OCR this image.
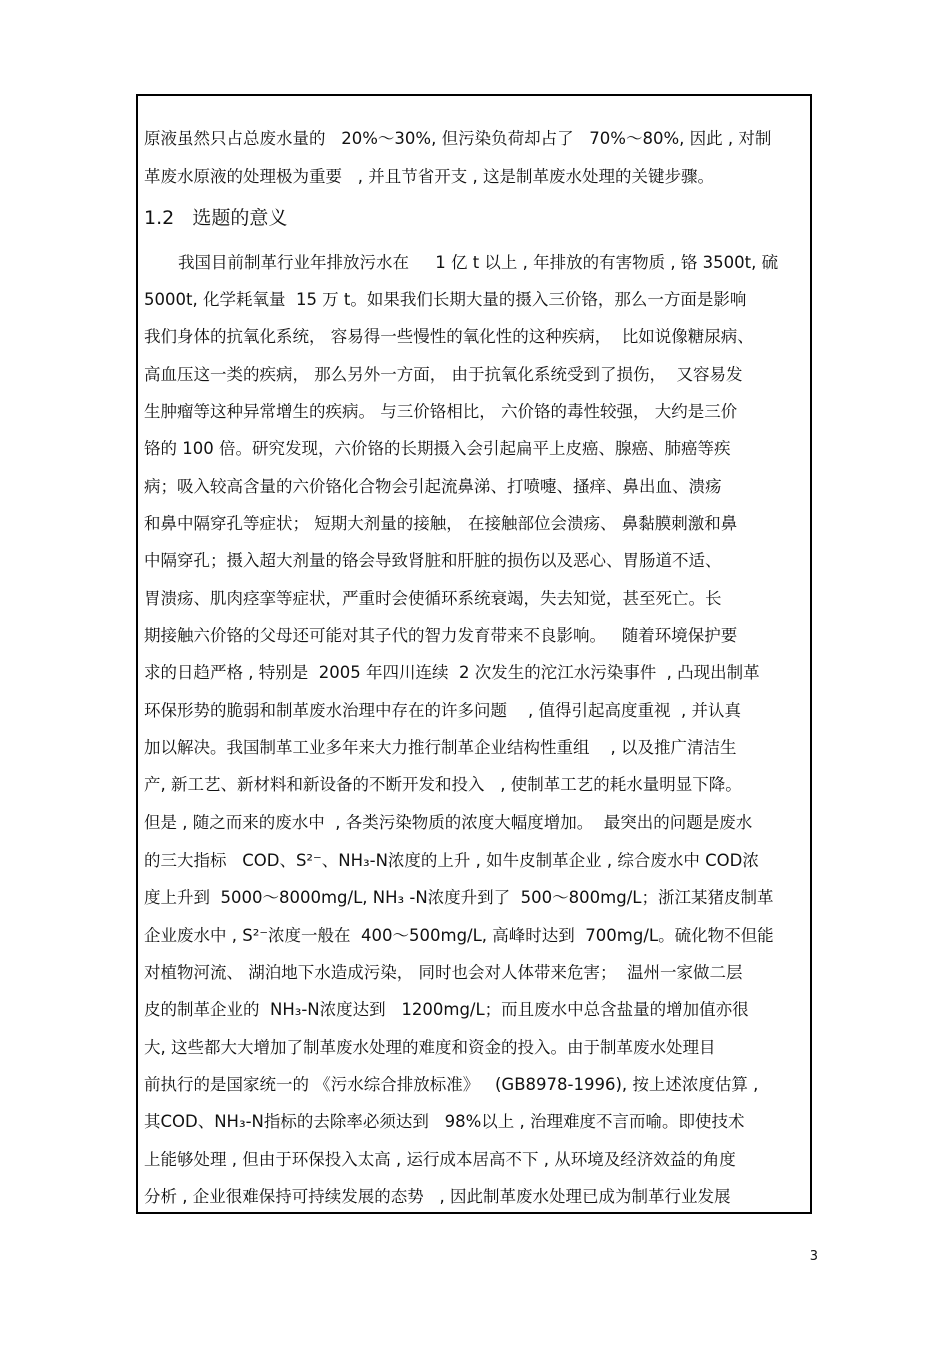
原液虽然只占总废水量的   20%～30%, 但污染负荷却占了   70%～80%, 因此 , 对制
革废水原液的处理极为重要   , 并且节省开支 , 这是制革废水处理的关键步骤。
1.2   选题的意义
我国目前制革行业年排放污水在     1 亿 t 以上 , 年排放的有害物质 , 铬 3500t, 硫
5000t, 化学耗氧量  15 万 t。如果我们长期大量的摄入三价铬，那么一方面是影响
我们身体的抗氧化系统， 容易得一些慢性的氧化性的这种疾病，  比如说像糖尿病、
高血压这一类的疾病， 那么另外一方面， 由于抗氧化系统受到了损伤，  又容易发
生肿瘤等这种异常增生的疾病。 与三价铬相比， 六价铬的毒性较强， 大约是三价
铬的 100 倍。研究发现，六价铬的长期摄入会引起扁平上皮癌、腺癌、肺癌等疾
病；吸入较高含量的六价铬化合物会引起流鼻涕、打喷嚏、搔痒、鼻出血、溃疡
和鼻中隔穿孔等症状； 短期大剂量的接触， 在接触部位会溃疡、 鼻黏膜刺激和鼻
中隔穿孔；摄入超大剂量的铬会导致肾脏和肝脏的损伤以及恶心、胃肠道不适、
胃溃疡、肌肉痉挛等症状，严重时会使循环系统衰竭，失去知觉，甚至死亡。长
期接触六价铬的父母还可能对其子代的智力发育带来不良影响。   随着环境保护要
求的日趋严格 , 特别是  2005 年四川连续  2 次发生的沱江水污染事件  , 凸现出制革
环保形势的脆弱和制革废水治理中存在的许多问题    , 值得引起高度重视  , 并认真
加以解决。我国制革工业多年来大力推行制革企业结构性重组    , 以及推广清洁生
产, 新工艺、新材料和新设备的不断开发和投入   , 使制革工艺的耗水量明显下降。
但是 , 随之而来的废水中  , 各类污染物质的浓度大幅度增加。  最突出的问题是废水
的三大指标   COD、S²⁻、NH₃-N浓度的上升 , 如牛皮制革企业 , 综合废水中 COD浓
度上升到  5000～8000mg/L, NH₃ -N浓度升到了  500～800mg/L；浙江某猪皮制革
企业废水中 , S²⁻浓度一般在  400～500mg/L, 高峰时达到  700mg/L。硫化物不但能
对植物河流、 湖泊地下水造成污染， 同时也会对人体带来危害；  温州一家做二层
皮的制革企业的  NH₃-N浓度达到   1200mg/L；而且废水中总含盐量的增加值亦很
大, 这些都大大增加了制革废水处理的难度和资金的投入。由于制革废水处理目
前执行的是国家统一的 《污水综合排放标准》   (GB8978-1996), 按上述浓度估算 ,
其COD、NH₃-N指标的去除率必须达到   98%以上 , 治理难度不言而喻。即使技术
上能够处理 , 但由于环保投入太高 , 运行成本居高不下 , 从环境及经济效益的角度
分析 , 企业很难保持可持续发展的态势   , 因此制革废水处理已成为制革行业发展
3
